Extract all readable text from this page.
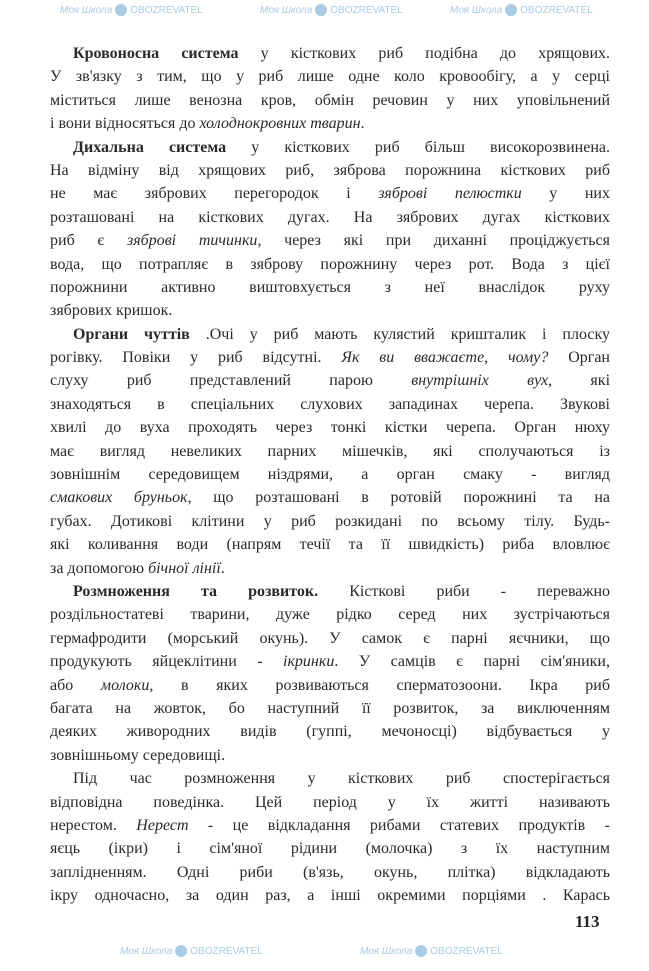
Моя Школа OBOZREVATEL	Моя Школа OBOZREVATEL	Моя Школа OBOZREVATEL
Моя Школа OBOZREVATEL	Моя Школа OBOZREVATEL
Кровоносна система у кісткових риб подібна до хрящових.
У зв'язку з тим, що у риб лише одне коло кровообігу, а у серці
міститься лише венозна кров, обмін речовин у них уповільнений
і вони відносяться до холоднокровних тварин.
Дихальна система у кісткових риб більш високорозвинена.
На відміну від хрящових риб, зяброва порожнина кісткових риб
не має зябрових перегородок і зяброві пелюстки у них
розташовані на кісткових дугах. На зябрових дугах кісткових
риб є зяброві тичинки, через які при диханні проціджується
вода, що потрапляє в зяброву порожнину через рот. Вода з цієї
порожнини активно виштовхується з неї внаслідок руху
зябрових кришок.
Органи чуттів .Очі у риб мають кулястий кришталик і плоску
рогівку. Повіки у риб відсутні. Як ви вважаєте, чому? Орган
слуху риб представлений парою внутрішніх вух, які
знаходяться в спеціальних слухових западинах черепа. Звукові
хвилі до вуха проходять через тонкі кістки черепа. Орган нюху
має вигляд невеликих парних мішечків, які сполучаються із
зовнішнім середовищем ніздрями, а орган смаку - вигляд
смакових бруньок, що розташовані в ротовій порожнині та на
губах. Дотикові клітини у риб розкидані по всьому тілу. Будь-
які коливання води (напрям течії та її швидкість) риба вловлює
за допомогою бічної лінії.
Розмноження та розвиток. Кісткові риби - переважно
роздільностатеві тварини, дуже рідко серед них зустрічаються
гермафродити (морський окунь). У самок є парні яєчники, що
продукують яйцеклітини - ікринки. У самців є парні сім'яники,
або молоки, в яких розвиваються сперматозоони. Ікра риб
багата на жовток, бо наступний її розвиток, за виключенням
деяких живородних видів (гуппі, мечоносці) відбувається у
зовнішньому середовищі.
Під час розмноження у кісткових риб спостерігається
відповідна поведінка. Цей період у їх житті називають
нерестом. Нерест - це відкладання рибами статевих продуктів -
яєць (ікри) і сім'яної рідини (молочка) з їх наступним
заплідненням. Одні риби (в'язь, окунь, плітка) відкладають
ікру одночасно, за один раз, а інші окремими порціями . Карась
113
